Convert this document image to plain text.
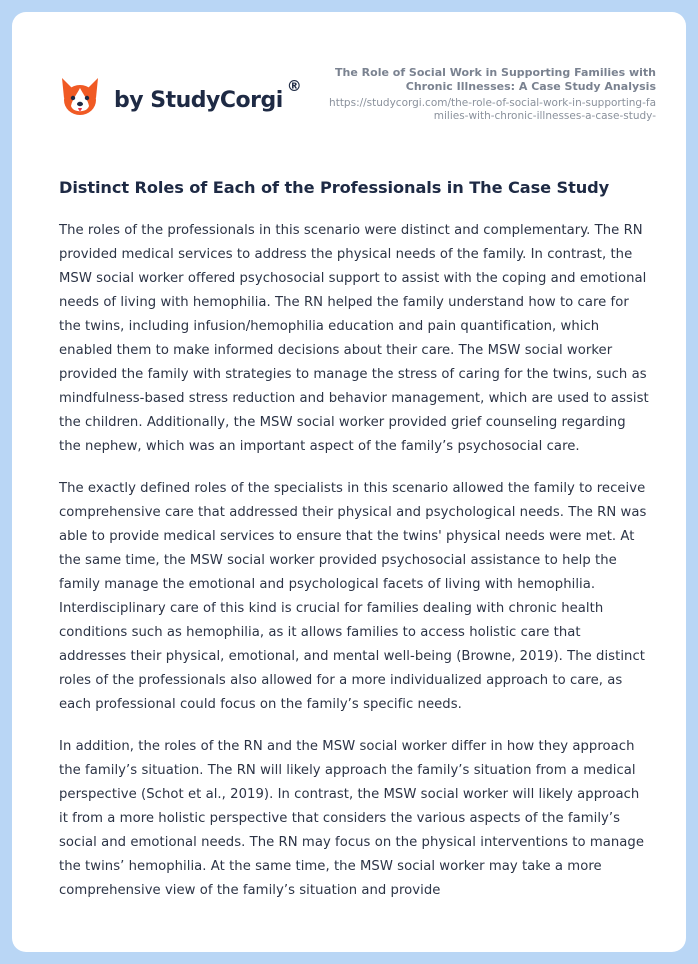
by StudyCorgi
®
The Role of Social Work in Supporting Families with Chronic Illnesses: A Case Study Analysis
https://studycorgi.com/the-role-of-social-work-in-supporting-families-with-chronic-illnesses-a-case-study-
Distinct Roles of Each of the Professionals in The Case Study

The roles of the professionals in this scenario were distinct and complementary. The RN provided medical services to address the physical needs of the family. In contrast, the MSW social worker offered psychosocial support to assist with the coping and emotional needs of living with hemophilia. The RN helped the family understand how to care for the twins, including infusion/hemophilia education and pain quantification, which enabled them to make informed decisions about their care. The MSW social worker provided the family with strategies to manage the stress of caring for the twins, such as mindfulness-based stress reduction and behavior management, which are used to assist the children. Additionally, the MSW social worker provided grief counseling regarding the nephew, which was an important aspect of the family’s psychosocial care.

The exactly defined roles of the specialists in this scenario allowed the family to receive comprehensive care that addressed their physical and psychological needs. The RN was able to provide medical services to ensure that the twins' physical needs were met. At the same time, the MSW social worker provided psychosocial assistance to help the family manage the emotional and psychological facets of living with hemophilia. Interdisciplinary care of this kind is crucial for families dealing with chronic health conditions such as hemophilia, as it allows families to access holistic care that addresses their physical, emotional, and mental well-being (Browne, 2019). The distinct roles of the professionals also allowed for a more individualized approach to care, as each professional could focus on the family’s specific needs.

In addition, the roles of the RN and the MSW social worker differ in how they approach the family’s situation. The RN will likely approach the family’s situation from a medical perspective (Schot et al., 2019). In contrast, the MSW social worker will likely approach it from a more holistic perspective that considers the various aspects of the family’s social and emotional needs. The RN may focus on the physical interventions to manage the twins’ hemophilia. At the same time, the MSW social worker may take a more comprehensive view of the family’s situation and provide
